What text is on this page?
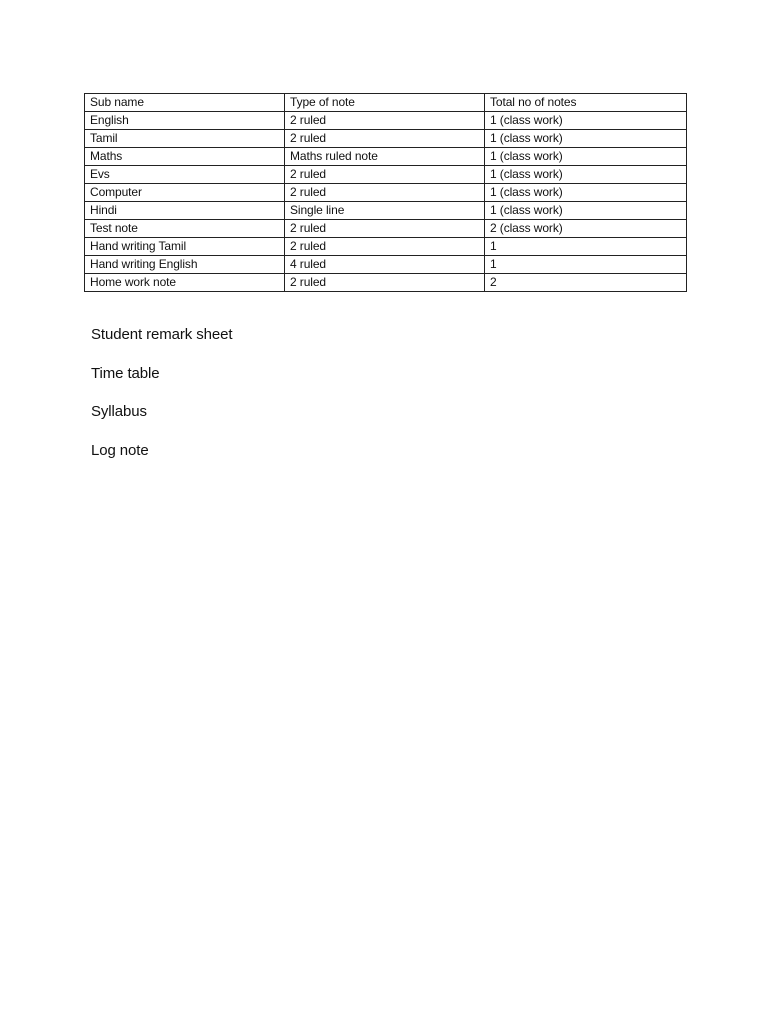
Sub name	Type of note	Total no of notes
English	2 ruled	1 (class work)
Tamil	2 ruled	1 (class work)
Maths	Maths ruled note	1 (class work)
Evs	2 ruled	1 (class work)
Computer	2 ruled	1 (class work)
Hindi	Single line	1 (class work)
Test note	2 ruled	2 (class work)
Hand writing Tamil	2 ruled	1
Hand writing English	4 ruled	1
Home work note	2 ruled	2
Student remark sheet
Time table
Syllabus
Log note
